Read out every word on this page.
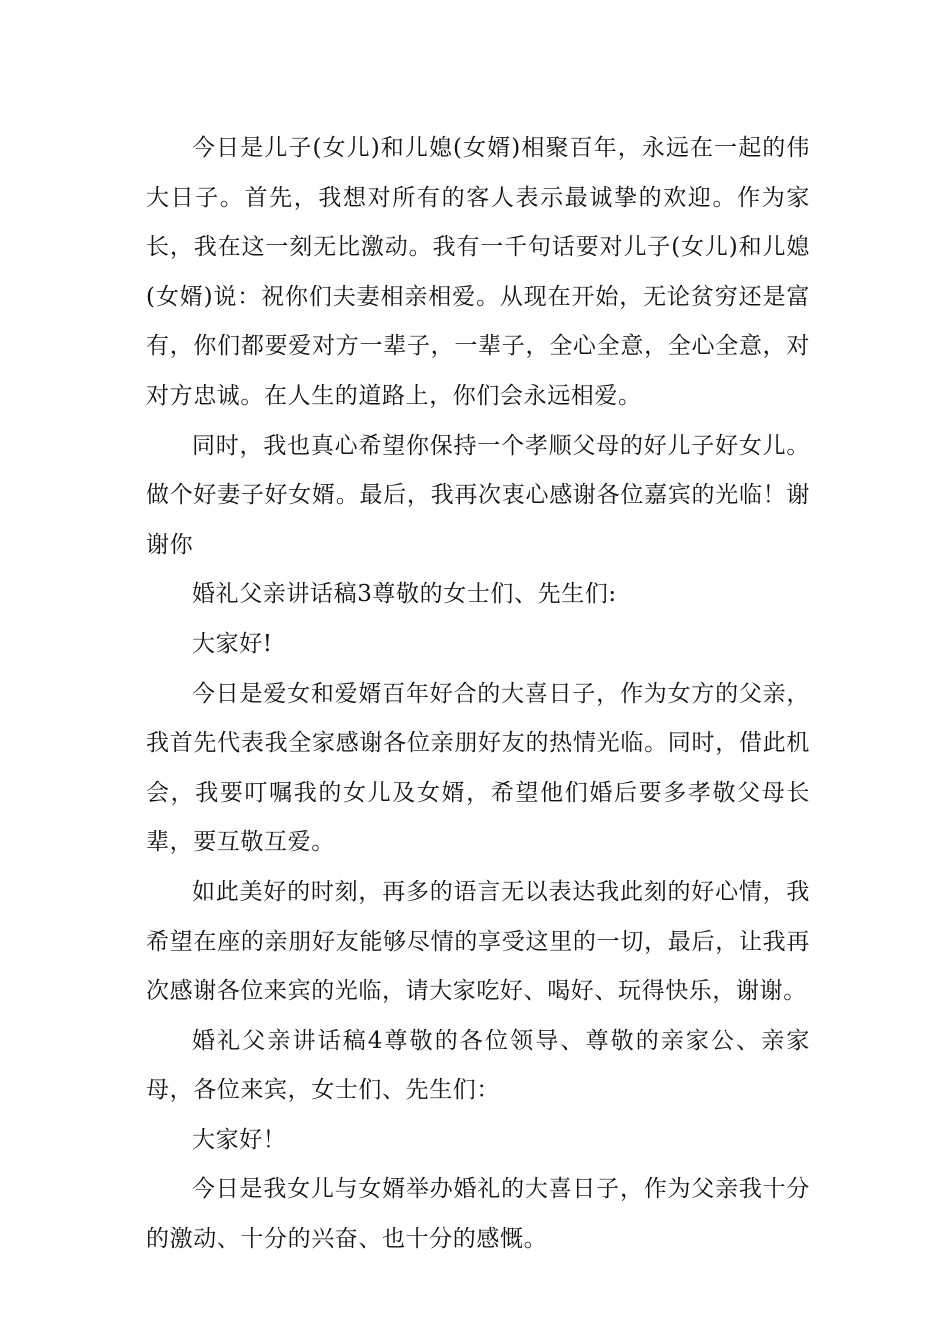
今日是儿子(女儿)和儿媳(女婿)相聚百年，永远在一起的伟大日子。首先，我想对所有的客人表示最诚挚的欢迎。作为家长，我在这一刻无比激动。我有一千句话要对儿子(女儿)和儿媳(女婿)说：祝你们夫妻相亲相爱。从现在开始，无论贫穷还是富有，你们都要爱对方一辈子，一辈子，全心全意，全心全意，对对方忠诚。在人生的道路上，你们会永远相爱。

同时，我也真心希望你保持一个孝顺父母的好儿子好女儿。做个好妻子好女婿。最后，我再次衷心感谢各位嘉宾的光临！谢谢你

婚礼父亲讲话稿3尊敬的女士们、先生们:

大家好!

今日是爱女和爱婿百年好合的大喜日子，作为女方的父亲，我首先代表我全家感谢各位亲朋好友的热情光临。同时，借此机会，我要叮嘱我的女儿及女婿，希望他们婚后要多孝敬父母长辈，要互敬互爱。

如此美好的时刻，再多的语言无以表达我此刻的好心情，我希望在座的亲朋好友能够尽情的享受这里的一切，最后，让我再次感谢各位来宾的光临，请大家吃好、喝好、玩得快乐，谢谢。

婚礼父亲讲话稿4尊敬的各位领导、尊敬的亲家公、亲家母，各位来宾，女士们、先生们：

大家好！

今日是我女儿与女婿举办婚礼的大喜日子，作为父亲我十分的激动、十分的兴奋、也十分的感慨。
